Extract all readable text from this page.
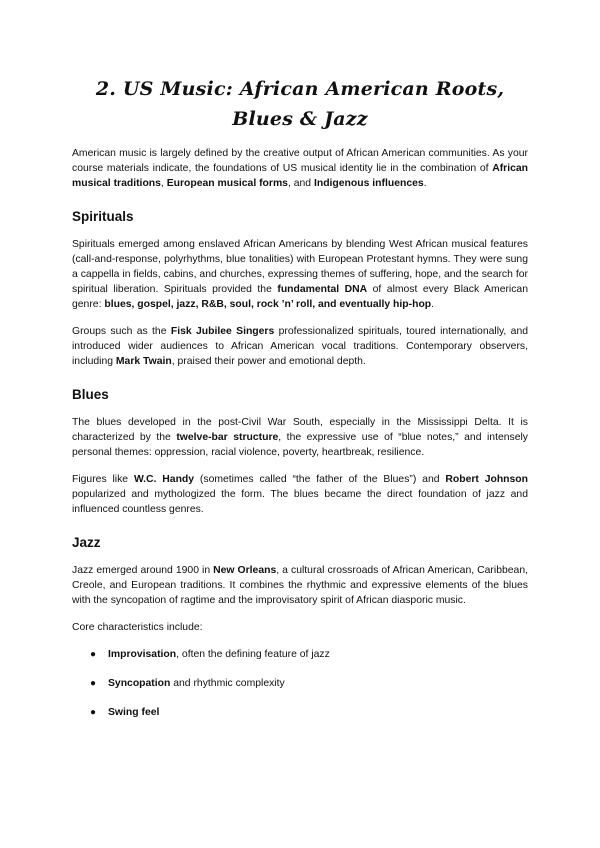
2. US Music: African American Roots, Blues & Jazz

American music is largely defined by the creative output of African American communities. As your course materials indicate, the foundations of US musical identity lie in the combination of African musical traditions, European musical forms, and Indigenous influences.

Spirituals

Spirituals emerged among enslaved African Americans by blending West African musical features (call-and-response, polyrhythms, blue tonalities) with European Protestant hymns. They were sung a cappella in fields, cabins, and churches, expressing themes of suffering, hope, and the search for spiritual liberation. Spirituals provided the fundamental DNA of almost every Black American genre: blues, gospel, jazz, R&B, soul, rock ’n’ roll, and eventually hip-hop.

Groups such as the Fisk Jubilee Singers professionalized spirituals, toured internationally, and introduced wider audiences to African American vocal traditions. Contemporary observers, including Mark Twain, praised their power and emotional depth.

Blues

The blues developed in the post-Civil War South, especially in the Mississippi Delta. It is characterized by the twelve-bar structure, the expressive use of “blue notes,” and intensely personal themes: oppression, racial violence, poverty, heartbreak, resilience.

Figures like W.C. Handy (sometimes called “the father of the Blues”) and Robert Johnson popularized and mythologized the form. The blues became the direct foundation of jazz and influenced countless genres.

Jazz

Jazz emerged around 1900 in New Orleans, a cultural crossroads of African American, Caribbean, Creole, and European traditions. It combines the rhythmic and expressive elements of the blues with the syncopation of ragtime and the improvisatory spirit of African diasporic music.

Core characteristics include:

● Improvisation, often the defining feature of jazz
● Syncopation and rhythmic complexity
● Swing feel
